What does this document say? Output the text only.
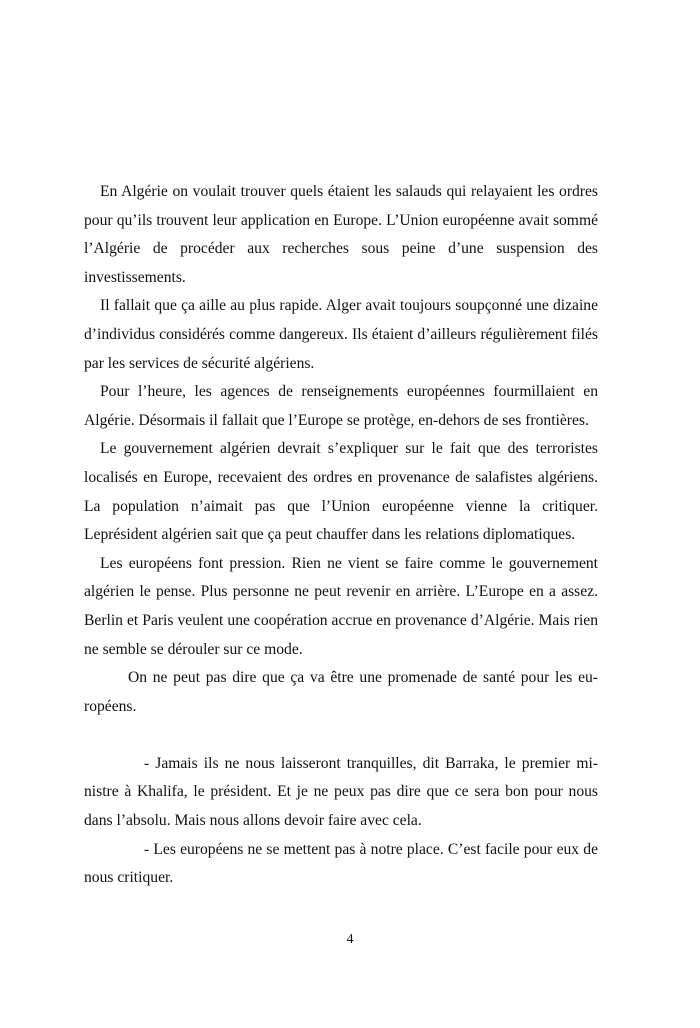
En Algérie on voulait trouver quels étaient les salauds qui relayaient les ordres pour qu’ils trouvent leur application en Europe. L’Union européenne avait sommé l’Algérie de procéder aux recherches sous peine d’une suspension des investissements.

Il fallait que ça aille au plus rapide. Alger avait toujours soupçonné une dizaine d’individus considérés comme dangereux. Ils étaient d’ailleurs régulièrement filés par les services de sécurité algériens.

Pour l’heure, les agences de renseignements européennes fourmillaient en Algérie. Désormais il fallait que l’Europe se protège, en-dehors de ses frontières.

Le gouvernement algérien devrait s’expliquer sur le fait que des terroristes localisés en Europe, recevaient des ordres en provenance de salafistes algériens. La population n’aimait pas que l’Union européenne vienne la critiquer. Leprésident algérien sait que ça peut chauffer dans les relations diplomatiques.

Les européens font pression. Rien ne vient se faire comme le gouvernement algérien le pense. Plus personne ne peut revenir en arrière. L’Europe en a assez. Berlin et Paris veulent une coopération accrue en provenance d’Algérie. Mais rien ne semble se dérouler sur ce mode.

On ne peut pas dire que ça va être une promenade de santé pour les européens.

- Jamais ils ne nous laisseront tranquilles, dit Barraka, le premier ministre à Khalifa, le président. Et je ne peux pas dire que ce sera bon pour nous dans l’absolu. Mais nous allons devoir faire avec cela.

- Les européens ne se mettent pas à notre place. C’est facile pour eux de nous critiquer.

4
